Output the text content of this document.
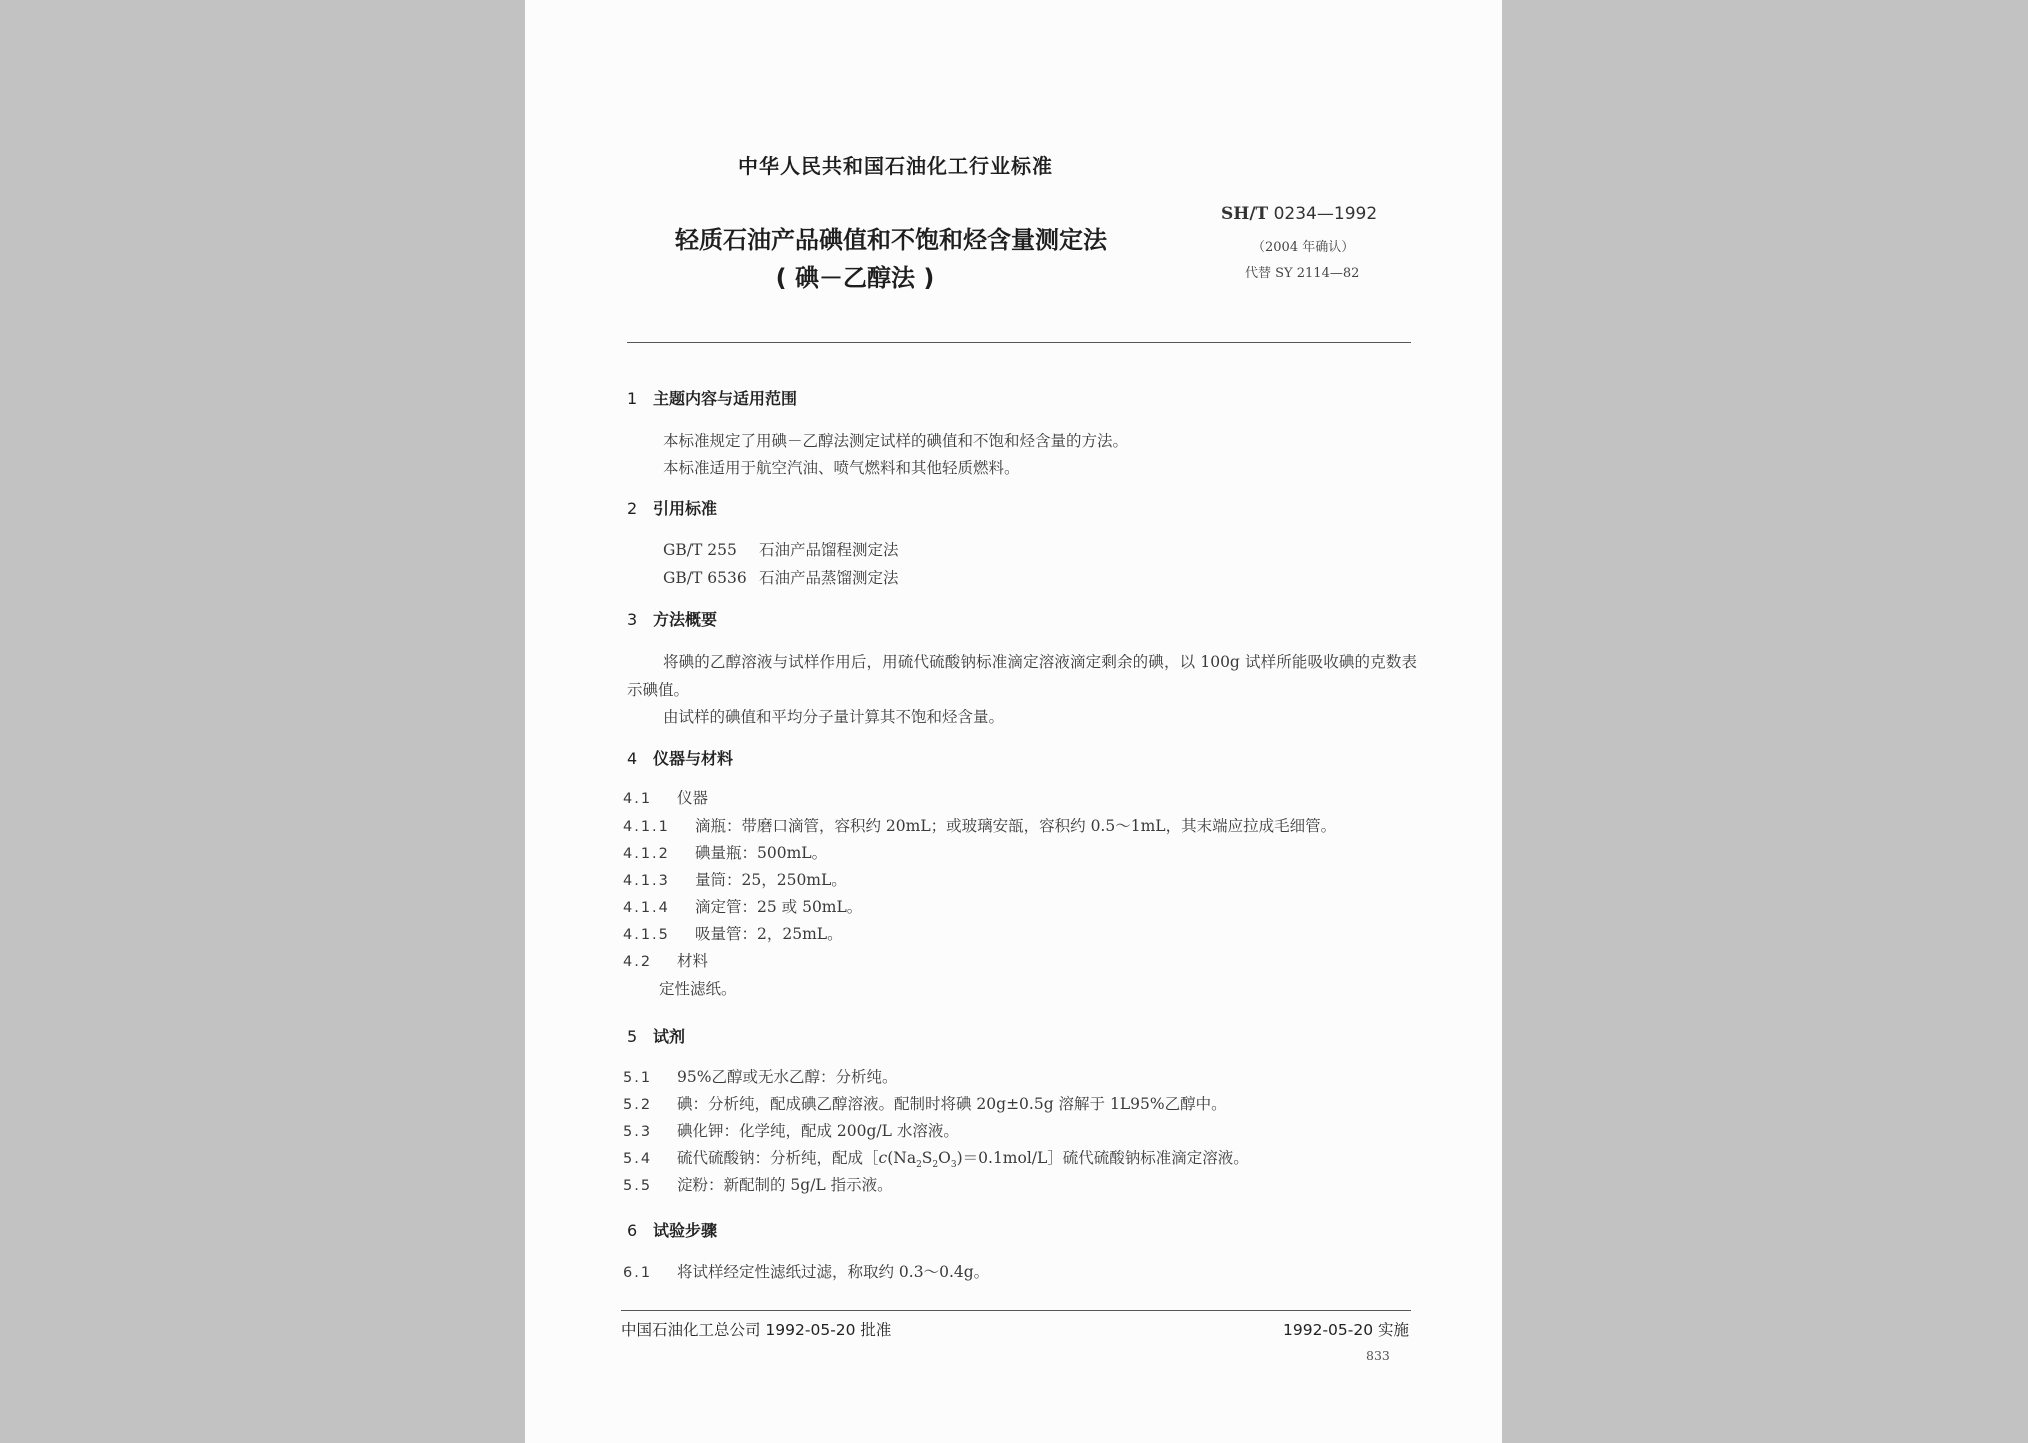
中华人民共和国石油化工行业标准
轻质石油产品碘值和不饱和烃含量测定法
( 碘－乙醇法 )
SH/T 0234—1992
（2004 年确认）
代替 SY 2114—82
1 主题内容与适用范围
本标准规定了用碘－乙醇法测定试样的碘值和不饱和烃含量的方法。
本标准适用于航空汽油、喷气燃料和其他轻质燃料。
2 引用标准
GB/T 255 石油产品馏程测定法
GB/T 6536 石油产品蒸馏测定法
3 方法概要
将碘的乙醇溶液与试样作用后，用硫代硫酸钠标准滴定溶液滴定剩余的碘，以 100g 试样所能吸收碘的克数表示碘值。
由试样的碘值和平均分子量计算其不饱和烃含量。
4 仪器与材料
4.1 仪器
4.1.1 滴瓶：带磨口滴管，容积约 20mL；或玻璃安瓿，容积约 0.5～1mL，其末端应拉成毛细管。
4.1.2 碘量瓶：500mL。
4.1.3 量筒：25，250mL。
4.1.4 滴定管：25 或 50mL。
4.1.5 吸量管：2，25mL。
4.2 材料
定性滤纸。
5 试剂
5.1 95%乙醇或无水乙醇：分析纯。
5.2 碘：分析纯，配成碘乙醇溶液。配制时将碘 20g±0.5g 溶解于 1L95%乙醇中。
5.3 碘化钾：化学纯，配成 200g/L 水溶液。
5.4 硫代硫酸钠：分析纯，配成$[c(Na_2S_2O_3)=0.1mol/L]$硫代硫酸钠标准滴定溶液。
5.5 淀粉：新配制的 5g/L 指示液。
6 试验步骤
6.1 将试样经定性滤纸过滤，称取约 0.3～0.4g。
中国石油化工总公司 1992-05-20 批准	1992-05-20 实施
833
